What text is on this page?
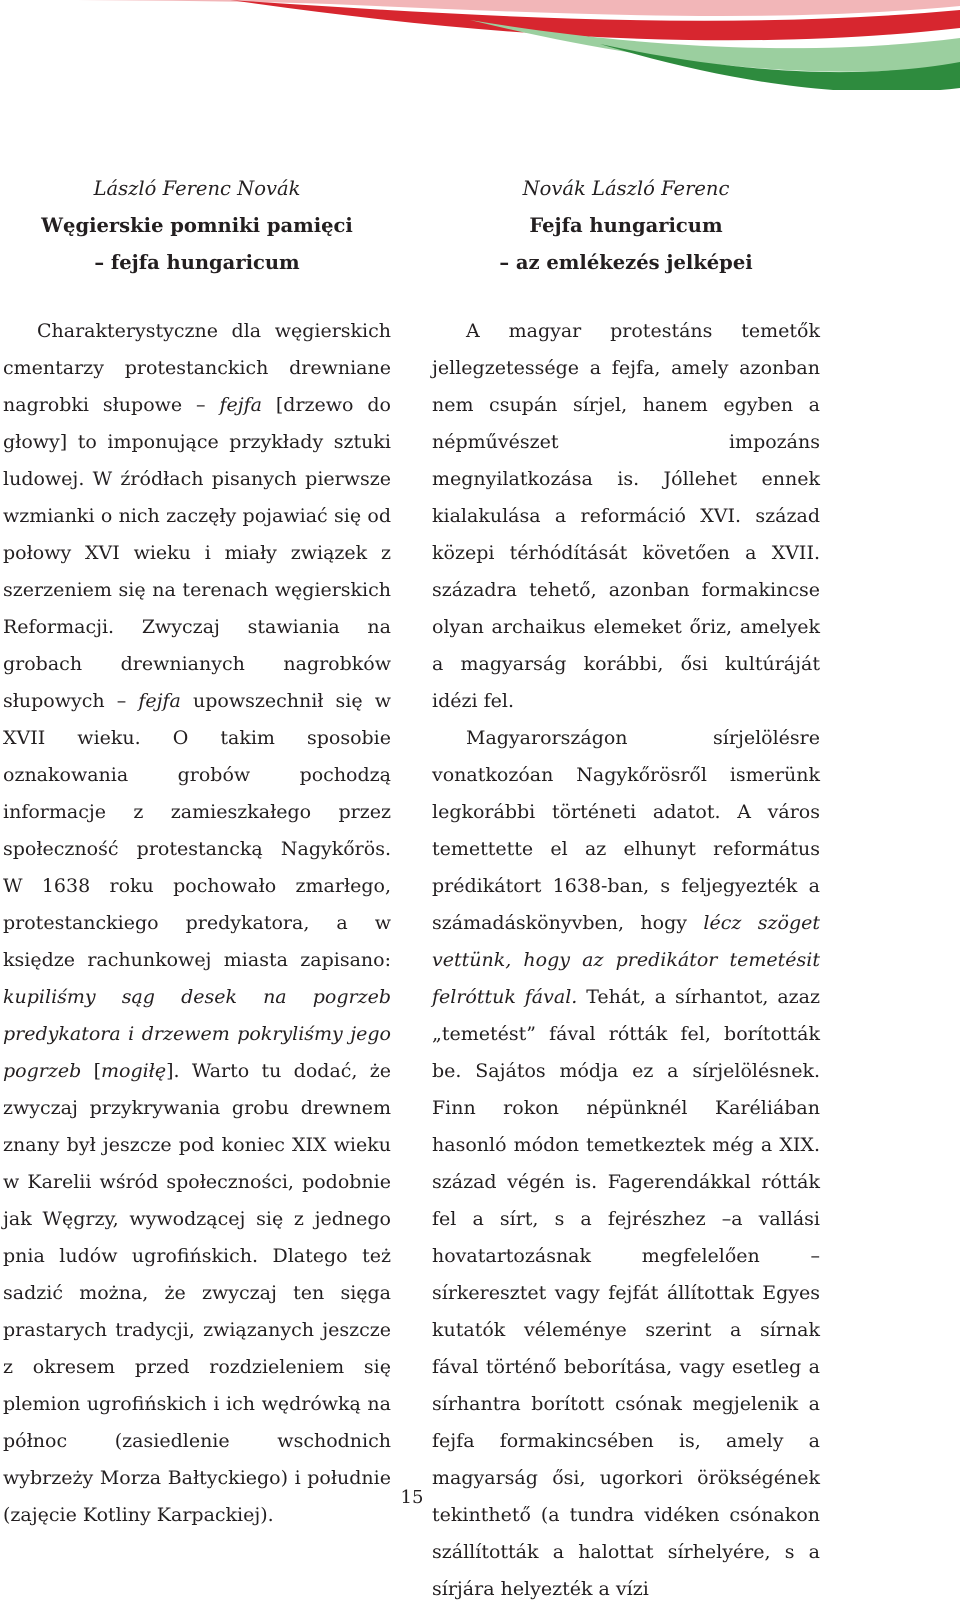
László Ferenc Novák
Węgierskie pomniki pamięci
– fejfa hungaricum
Novák László Ferenc
Fejfa hungaricum
– az emlékezés jelképei

Charakterystyczne dla węgierskich cmentarzy protestanckich drewniane nagrobki słupowe – fejfa [drzewo do głowy] to imponujące przykłady sztuki ludowej. W źródłach pisanych pierwsze wzmianki o nich zaczęły pojawiać się od połowy XVI wieku i miały związek z szerzeniem się na terenach węgierskich Reformacji. Zwyczaj stawiania na grobach drewnianych nagrobków słupowych – fejfa upowszechnił się w XVII wieku. O takim sposobie oznakowania grobów pochodzą informacje z zamieszkałego przez społeczność protestancką Nagykőrös. W 1638 roku pochowało zmarłego, protestanckiego predykatora, a w księdze rachunkowej miasta zapisano: kupiliśmy sąg desek na pogrzeb predykatora i drzewem pokryliśmy jego pogrzeb [mogiłę]. Warto tu dodać, że zwyczaj przykrywania grobu drewnem znany był jeszcze pod koniec XIX wieku w Karelii wśród społeczności, podobnie jak Węgrzy, wywodzącej się z jednego pnia ludów ugrofińskich. Dlatego też sadzić można, że zwyczaj ten sięga prastarych tradycji, związanych jeszcze z okresem przed rozdzieleniem się plemion ugrofińskich i ich wędrówką na północ (zasiedlenie wschodnich wybrzeży Morza Bałtyckiego) i południe (zajęcie Kotliny Karpackiej).

A magyar protestáns temetők jellegzetessége a fejfa, amely azonban nem csupán sírjel, hanem egyben a népművészet impozáns megnyilatkozása is. Jóllehet ennek kialakulása a reformáció XVI. század közepi térhódítását követően a XVII. századra tehető, azonban formakincse olyan archaikus elemeket őriz, amelyek a magyarság korábbi, ősi kultúráját idézi fel.

Magyarországon sírjelölésre vonatkozóan Nagykőrösről ismerünk legkorábbi történeti adatot. A város temettette el az elhunyt református prédikátort 1638-ban, s feljegyezték a számadáskönyvben, hogy lécz szöget vettünk, hogy az predikátor temetésit felróttuk fával. Tehát, a sírhantot, azaz „temetést” fával rótták fel, borították be. Sajátos módja ez a sírjelölésnek. Finn rokon népünknél Karéliában hasonló módon temetkeztek még a XIX. század végén is. Fagerendákkal rótták fel a sírt, s a fejrészhez –a vallási hovatartozásnak megfelelően – sírkeresztet vagy fejfát állítottak Egyes kutatók véleménye szerint a sírnak fával történő beborítása, vagy esetleg a sírhantra borított csónak megjelenik a fejfa formakincsében is, amely a magyarság ősi, ugorkori örökségének tekinthető (a tundra vidéken csónakon szállították a halottat sírhelyére, s a sírjára helyezték a vízi

15
